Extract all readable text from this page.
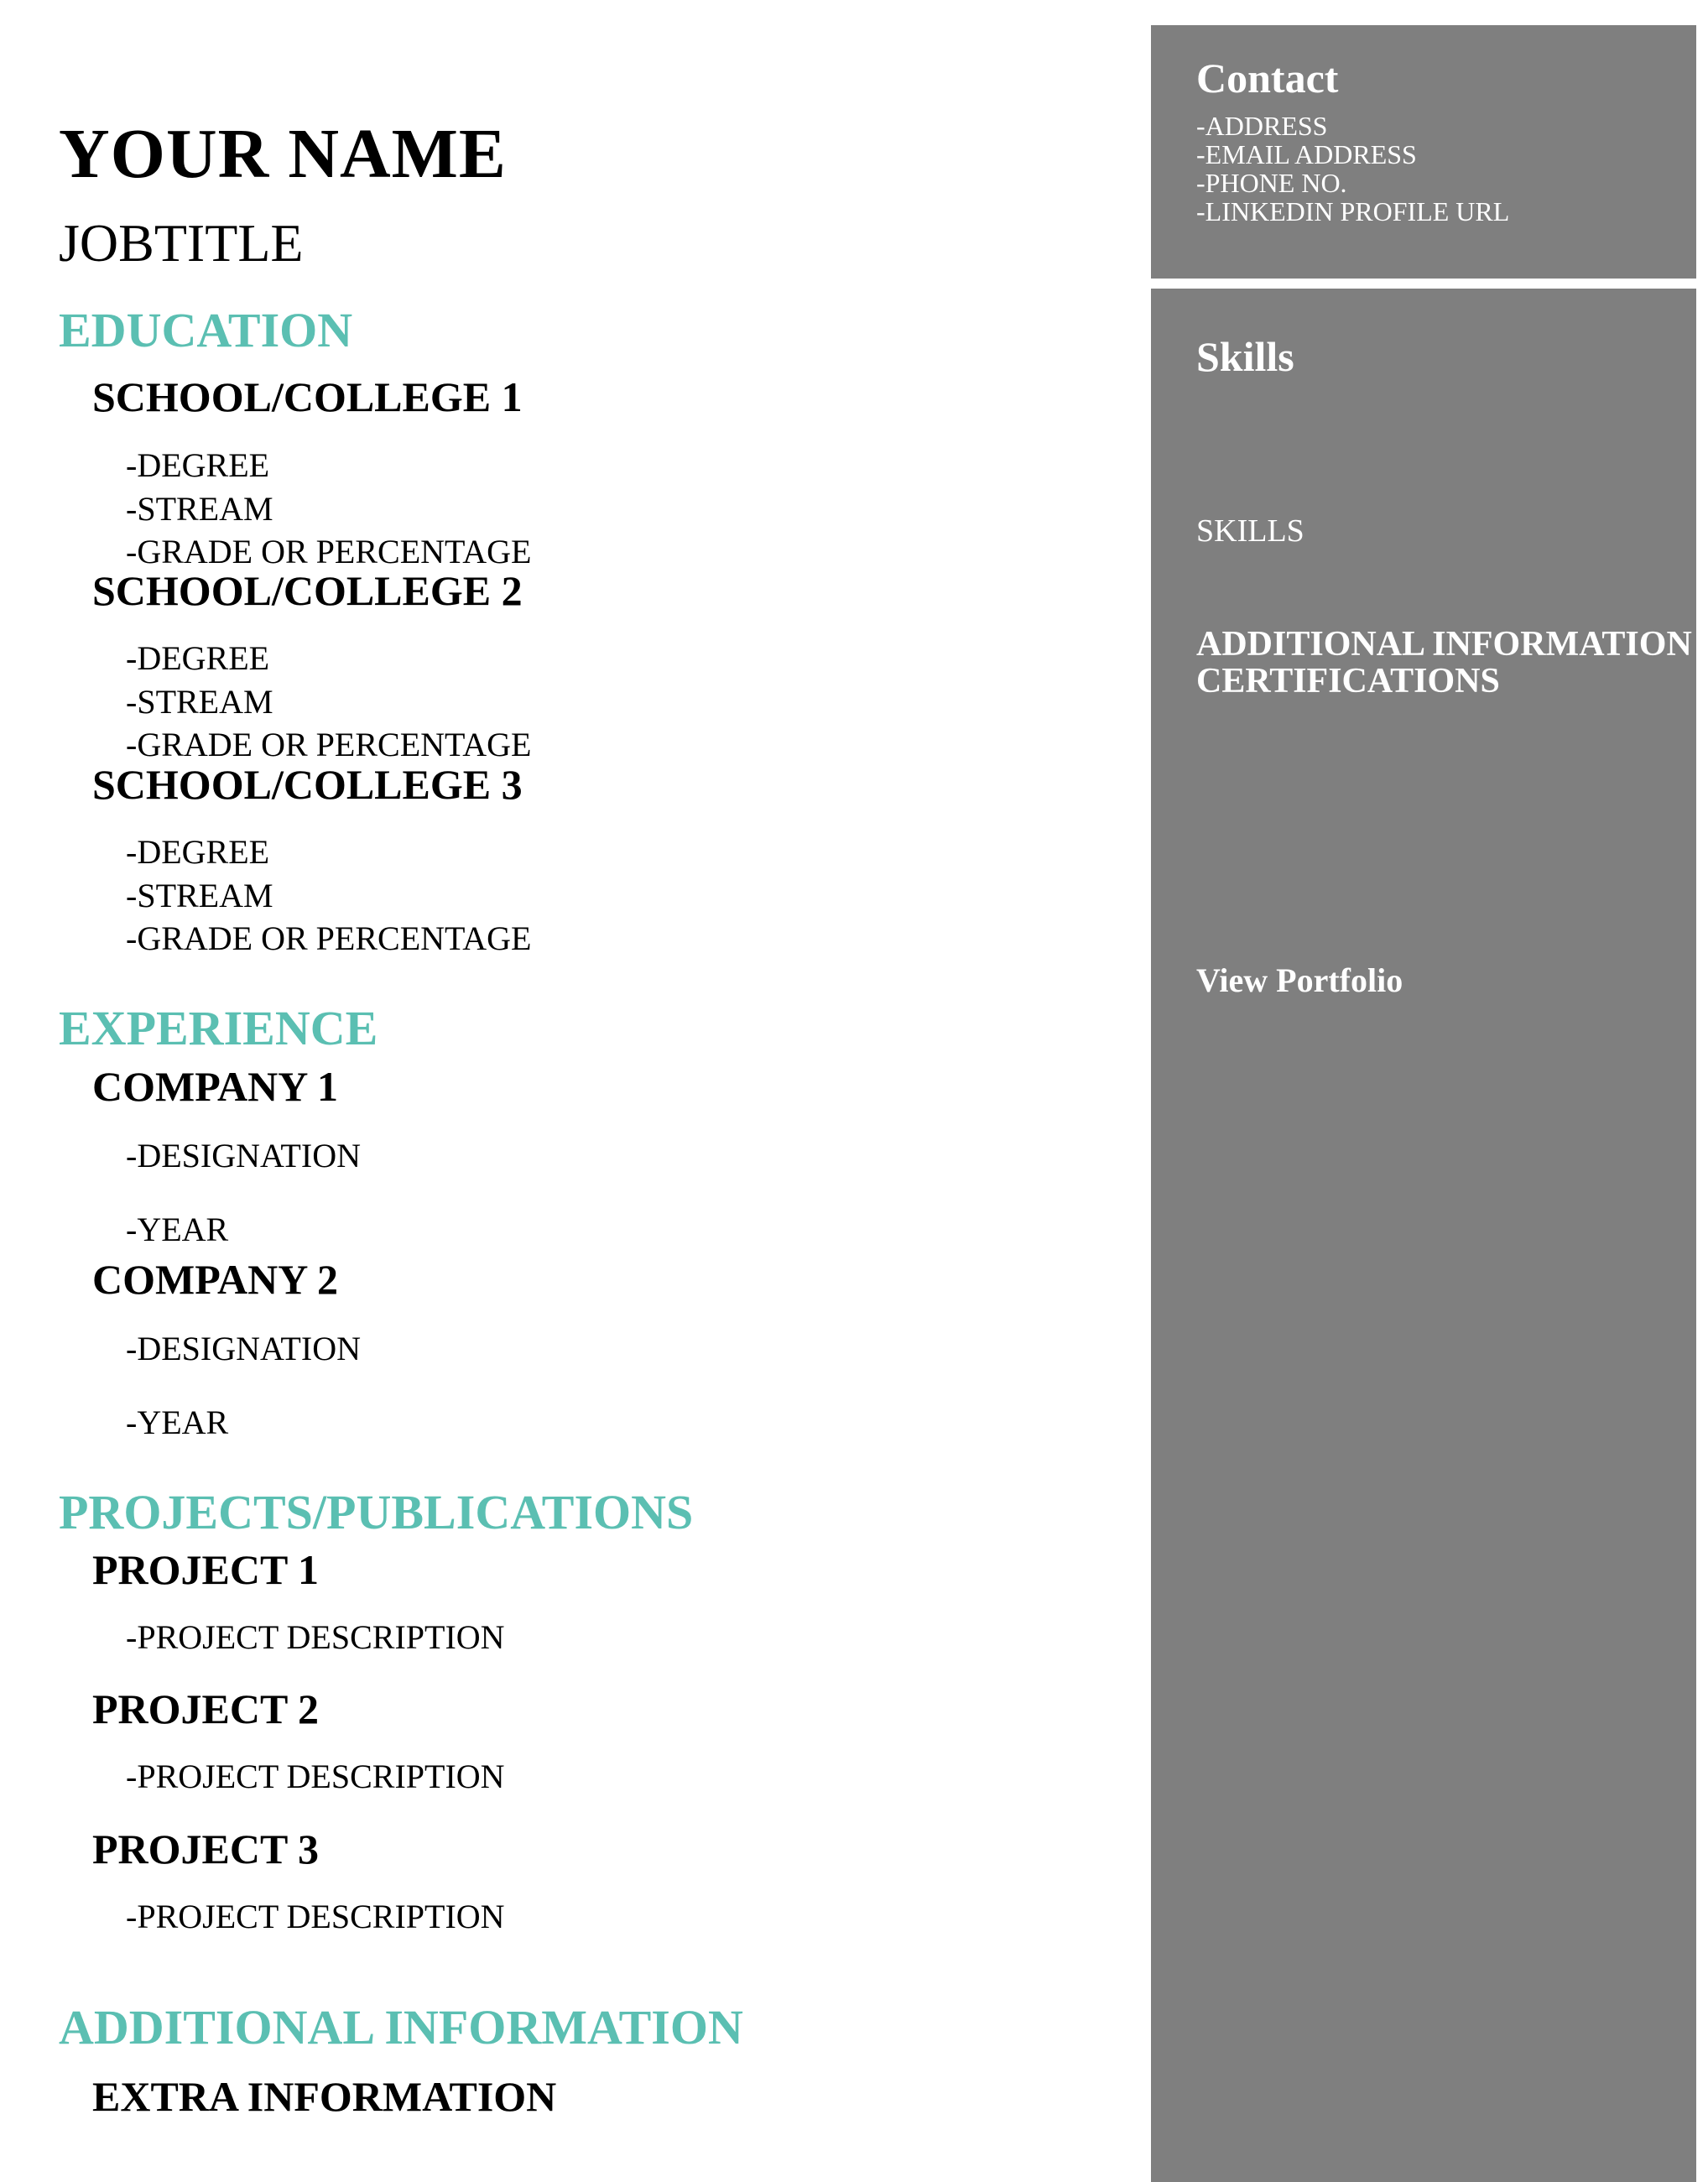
YOUR NAME
JOBTITLE
EDUCATION
SCHOOL/COLLEGE 1
-DEGREE
-STREAM
-GRADE OR PERCENTAGE
SCHOOL/COLLEGE 2
-DEGREE
-STREAM
-GRADE OR PERCENTAGE
SCHOOL/COLLEGE 3
-DEGREE
-STREAM
-GRADE OR PERCENTAGE
EXPERIENCE
COMPANY 1
-DESIGNATION
-YEAR
COMPANY 2
-DESIGNATION
-YEAR
PROJECTS/PUBLICATIONS
PROJECT 1
-PROJECT DESCRIPTION
PROJECT 2
-PROJECT DESCRIPTION
PROJECT 3
-PROJECT DESCRIPTION
ADDITIONAL INFORMATION
EXTRA INFORMATION
Contact
-ADDRESS
-EMAIL ADDRESS
-PHONE NO.
-LINKEDIN PROFILE URL
Skills
SKILLS
ADDITIONAL INFORMATION
CERTIFICATIONS
View Portfolio
